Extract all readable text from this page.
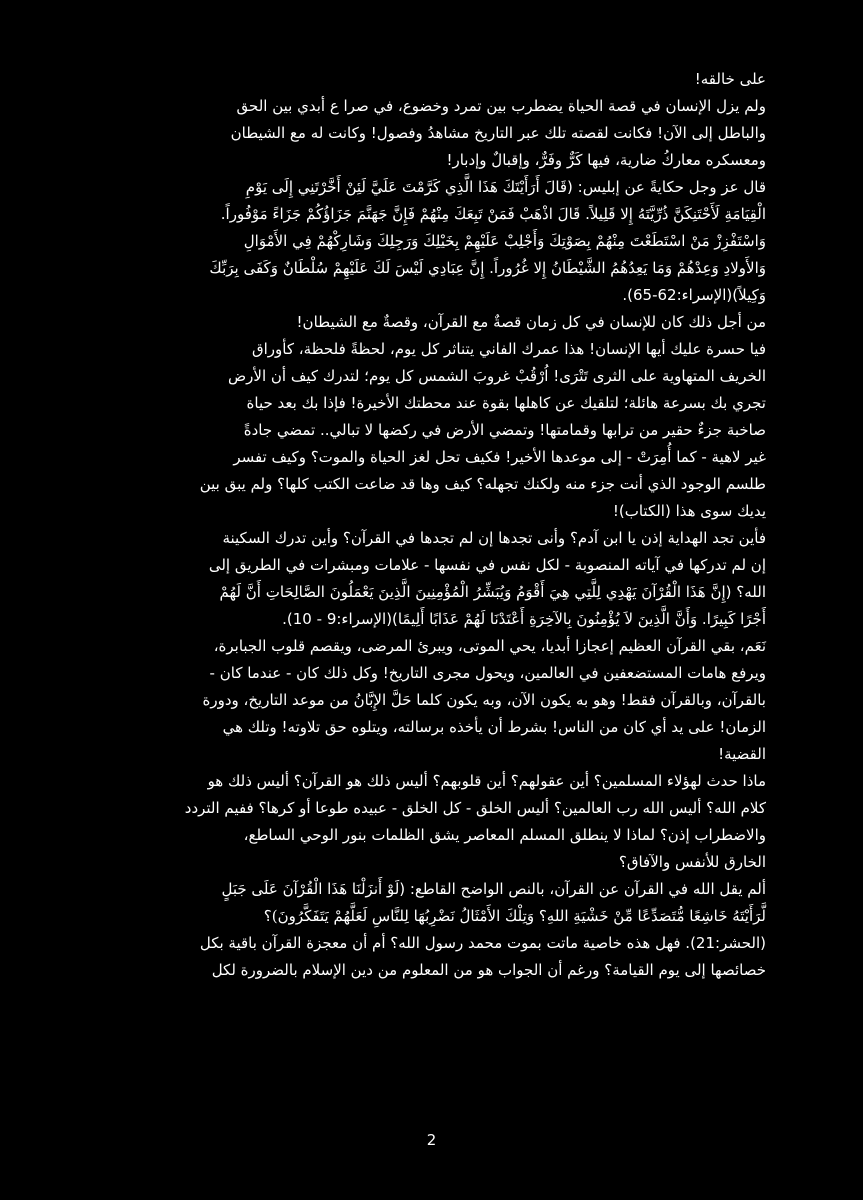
على خالقه!

ولم يزل الإنسان في قصة الحياة يضطرب بين تمرد وخضوع، في صرا ع أبدي بين الحق

والباطل إلى الآن! فكانت لقصته تلك عبر التاريخ مشاهدُ وفصول! وكانت له مع الشيطان

ومعسكره معاركُ ضارية، فيها كَرٌّ وفَرٌّ، وإقبالٌ وإدبار!

قال عز وجل حكايةً عن إبليس: (قَالَ أَرَأَيْتَكَ هَذَا الَّذِي كَرَّمْتَ عَلَيَّ لَئِنْ أَخَّرْتَنِي إِلَى يَوْمِ

الْقِيَامَةِ لَأَحْتَنِكَنَّ ذُرِّيَّتَهُ إِلا قَلِيلاً. قَالَ اذْهَبْ فَمَنْ تَبِعَكَ مِنْهُمْ فَإِنَّ جَهَنَّمَ جَزَاؤُكُمْ جَزَاءً مَوْفُوراً.

وَاسْتَفْزِزْ مَنْ اسْتَطَعْتَ مِنْهُمْ بِصَوْتِكَ وَأَجْلِبْ عَلَيْهِمْ بِخَيْلِكَ وَرَجِلِكَ وَشَارِكْهُمْ فِي الأَمْوَالِ

وَالأَولادِ وَعِدْهُمْ وَمَا يَعِدُهُمُ الشَّيْطَانُ إِلا غُرُوراً. إِنَّ عِبَادِي لَيْسَ لَكَ عَلَيْهِمْ سُلْطَانٌ وَكَفَى بِرَبِّكَ

وَكِيلاً)(الإسراء:62-65).

من أجل ذلك كان للإنسان في كل زمان قصةٌ مع القرآن، وقصةٌ مع الشيطان!

فيا حسرة عليك أيها الإنسان! هذا عمرك الفاني يتناثر كل يوم، لحظةً فلحظة، كأوراق

الخريف المتهاوية على الثرى تَتْرَى! اُرْقُبْ غروبَ الشمس كل يوم؛ لتدرك كيف أن الأرض

تجري بك بسرعة هائلة؛ لتلقيك عن كاهلها بقوة عند محطتك الأخيرة! فإذا بك بعد حياة

صاخبة جزءٌ حقير من ترابها وقمامتها! وتمضي الأرض في ركضها لا تبالي.. تمضي جادةً

غير لاهية - كما أُمِرَتْ - إلى موعدها الأخير! فكيف تحل لغز الحياة والموت؟ وكيف تفسر

طلسم الوجود الذي أنت جزء منه ولكنك تجهله؟ كيف وها قد ضاعت الكتب كلها؟ ولم يبق بين

يديك سوى هذا (الكتاب)!

فأين تجد الهداية إذن يا ابن آدم؟ وأنى تجدها إن لم تجدها في القرآن؟ وأين تدرك السكينة

إن لم تدركها في آياته المنصوبة - لكل نفس في نفسها - علامات ومبشرات في الطريق إلى

الله؟ (إِنَّ هَذَا الْقُرْآنَ يَهْدِي لِلَّتِي هِيَ أَقْوَمُ وَيُبَشِّرُ الْمُؤْمِنِينَ الَّذِينَ يَعْمَلُونَ الصَّالِحَاتِ أَنَّ لَهُمْ

أَجْرًا كَبِيرًا. وَأَنَّ الَّذِينَ لاَ يُؤْمِنُونَ بِالآخِرَةِ أَعْتَدْنَا لَهُمْ عَذَابًا أَلِيمًا)(الإسراء:9 - 10).

نَعَم، بقي القرآن العظيم إعجازا أبديا، يحي الموتى، ويبرئ المرضى، ويقصم قلوب الجبابرة،

ويرفع هامات المستضعفين في العالمين، ويحول مجرى التاريخ! وكل ذلك كان - عندما كان -

بالقرآن، وبالقرآن فقط! وهو به يكون الآن، وبه يكون كلما حَلَّ الإِبَّانُ من موعد التاريخ، ودورة

الزمان! على يد أي كان من الناس! بشرط أن يأخذه برسالته، ويتلوه حق تلاوته! وتلك هي

القضية!

ماذا حدث لهؤلاء المسلمين؟ أين عقولهم؟ أين قلوبهم؟ أليس ذلك هو القرآن؟ أليس ذلك هو

كلام الله؟ أليس الله رب العالمين؟ أليس الخلق - كل الخلق - عبيده طوعا أو كرها؟ ففيم التردد

والاضطراب إذن؟ لماذا لا ينطلق المسلم المعاصر يشق الظلمات بنور الوحي الساطع،

الخارق للأنفس والآفاق؟

ألم يقل الله في القرآن عن القرآن، بالنص الواضح القاطع: (لَوْ أَنزَلْنَا هَذَا الْقُرْآنَ عَلَى جَبَلٍ

لَّرَأَيْتَهُ خَاشِعًا مُّتَصَدِّعًا مِّنْ خَشْيَةِ اللهِ؟ وَتِلْكَ الأَمْثَالُ نَضْرِبُهَا لِلنَّاسِ لَعَلَّهُمْ يَتَفَكَّرُونَ)؟

(الحشر:21). فهل هذه خاصية ماتت بموت محمد رسول الله؟ أم أن معجزة القرآن باقية بكل

خصائصها إلى يوم القيامة؟ ورغم أن الجواب هو من المعلوم من دين الإسلام بالضرورة لكل

2
